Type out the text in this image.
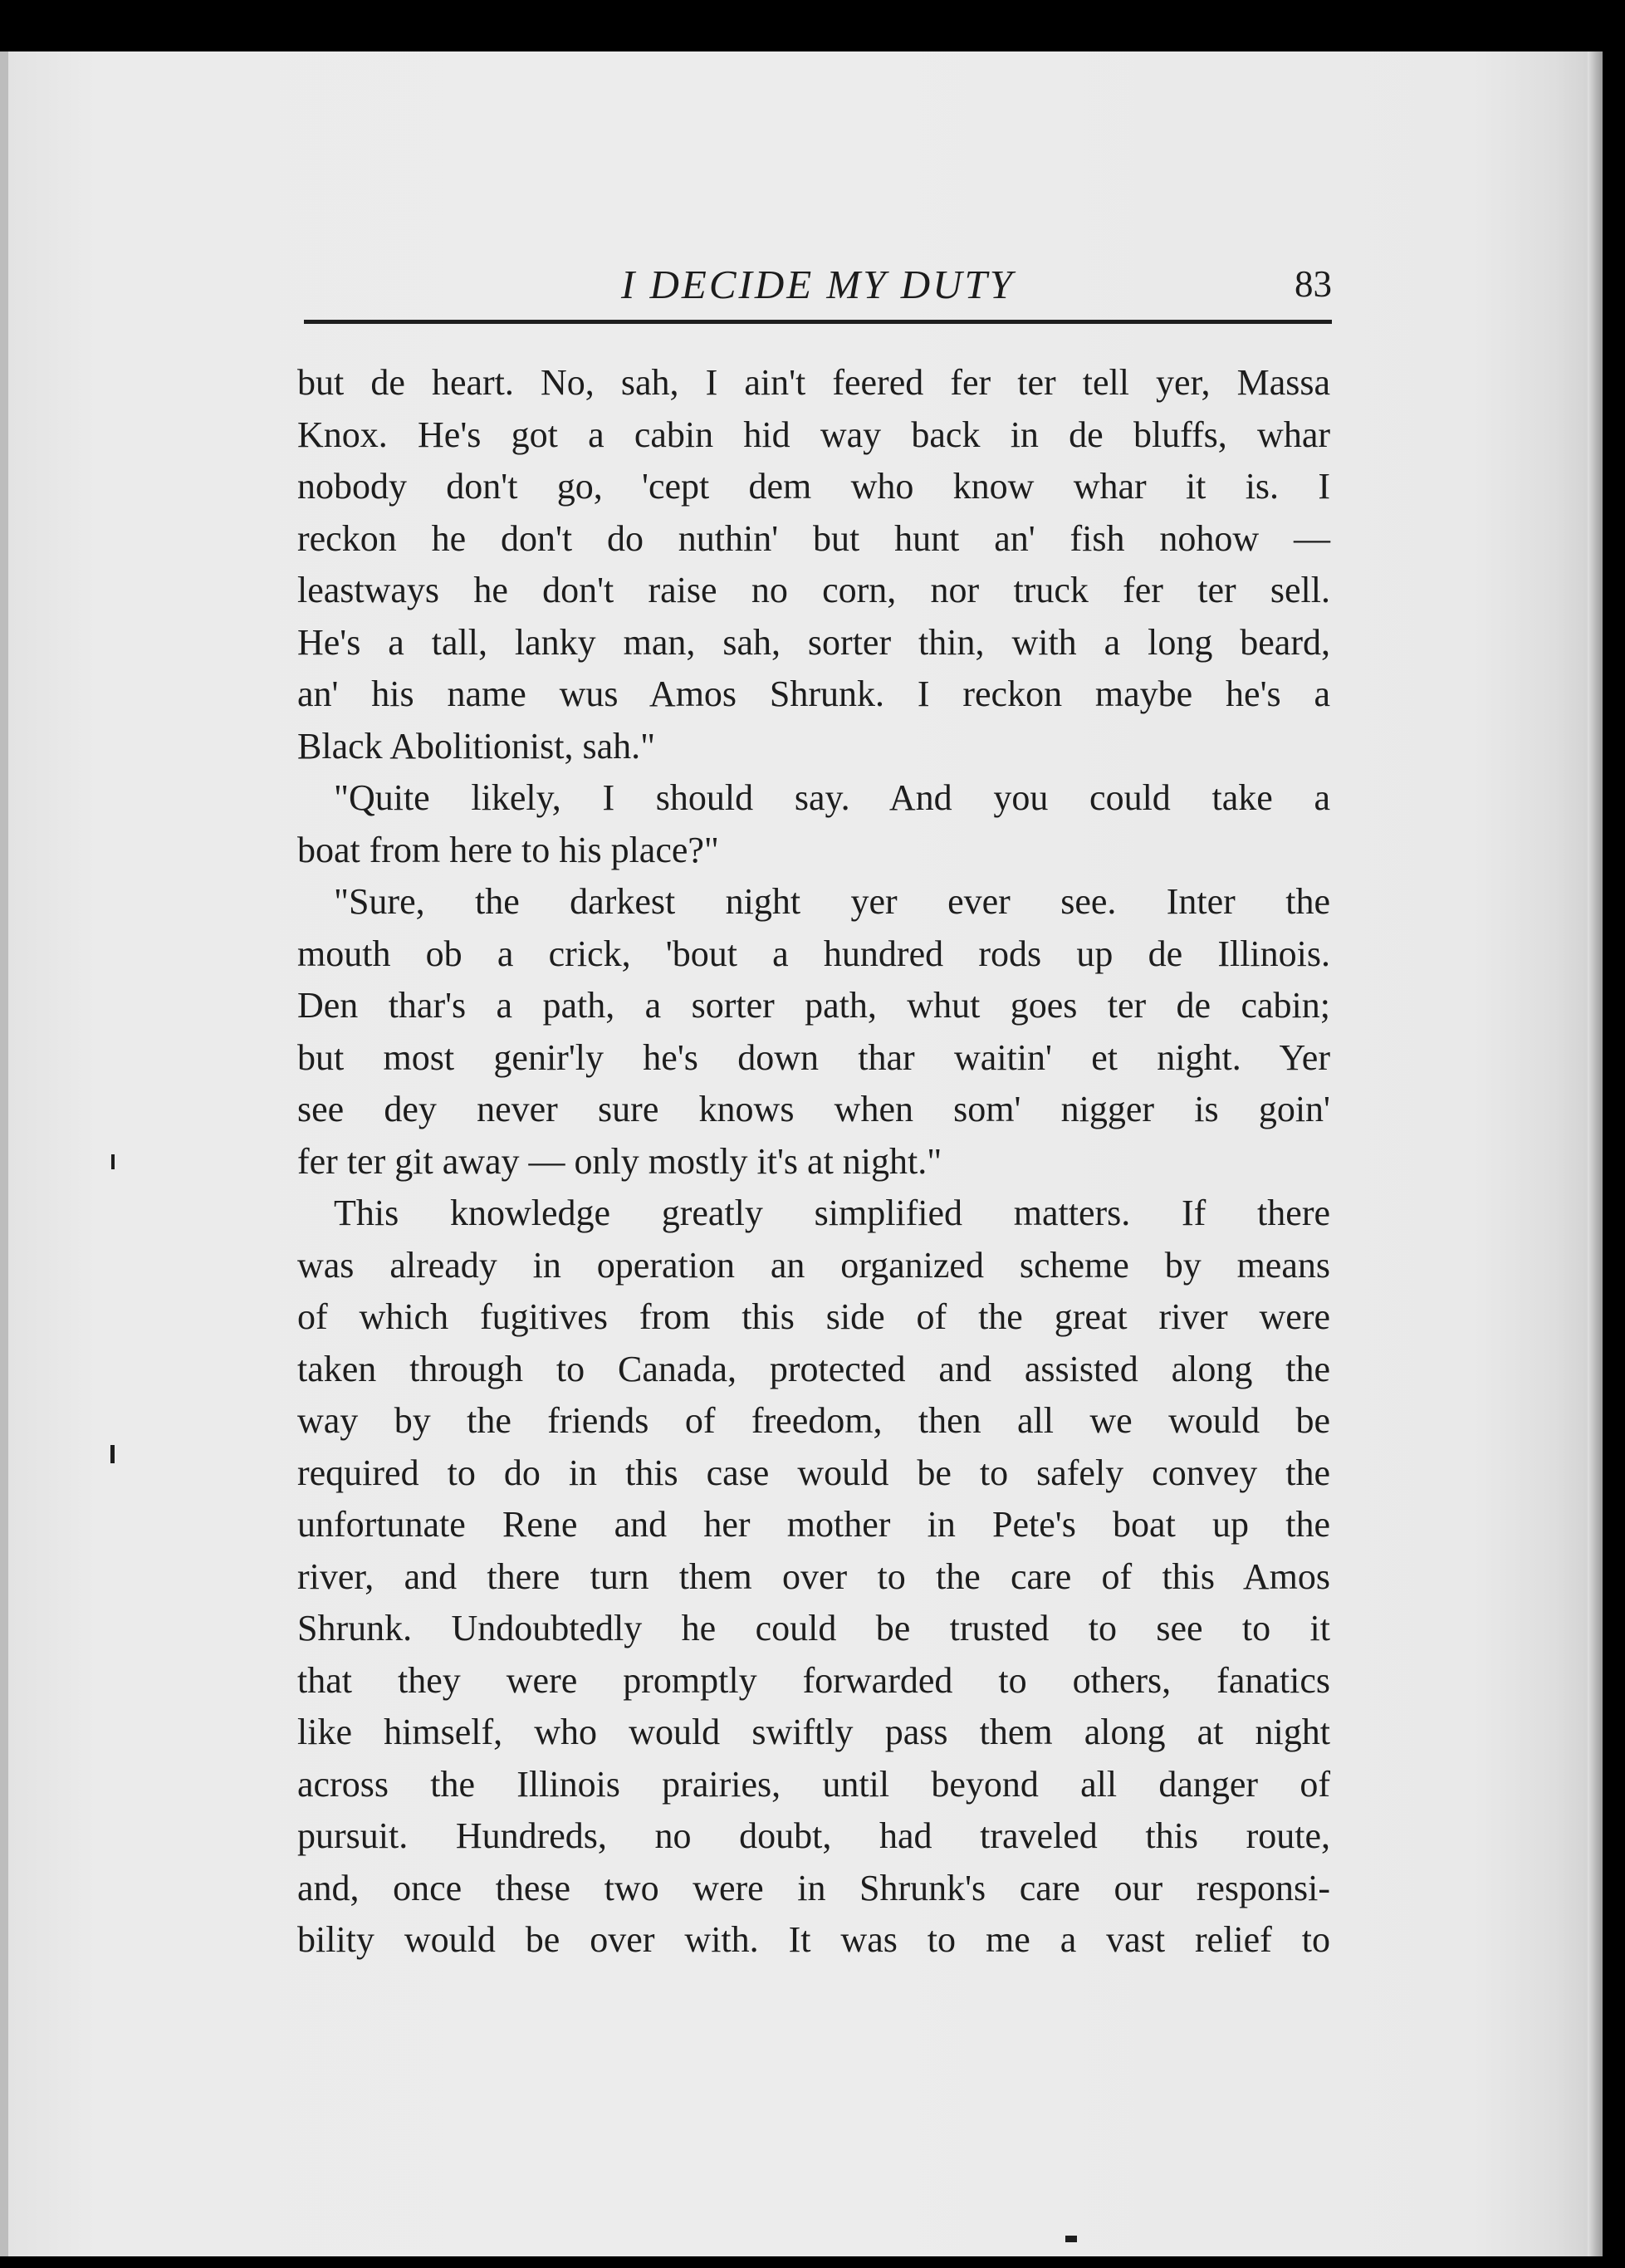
I DECIDE MY DUTY	83
but de heart. No, sah, I ain't feered fer ter tell yer, Massa
Knox. He's got a cabin hid way back in de bluffs, whar
nobody don't go, 'cept dem who know whar it is. I
reckon he don't do nuthin' but hunt an' fish nohow —
leastways he don't raise no corn, nor truck fer ter sell.
He's a tall, lanky man, sah, sorter thin, with a long beard,
an' his name wus Amos Shrunk. I reckon maybe he's a
Black Abolitionist, sah."
"Quite likely, I should say. And you could take a
boat from here to his place?"
"Sure, the darkest night yer ever see. Inter the
mouth ob a crick, 'bout a hundred rods up de Illinois.
Den thar's a path, a sorter path, whut goes ter de cabin;
but most genir'ly he's down thar waitin' et night. Yer
see dey never sure knows when som' nigger is goin'
fer ter git away — only mostly it's at night."
This knowledge greatly simplified matters. If there
was already in operation an organized scheme by means
of which fugitives from this side of the great river were
taken through to Canada, protected and assisted along the
way by the friends of freedom, then all we would be
required to do in this case would be to safely convey the
unfortunate Rene and her mother in Pete's boat up the
river, and there turn them over to the care of this Amos
Shrunk. Undoubtedly he could be trusted to see to it
that they were promptly forwarded to others, fanatics
like himself, who would swiftly pass them along at night
across the Illinois prairies, until beyond all danger of
pursuit. Hundreds, no doubt, had traveled this route,
and, once these two were in Shrunk's care our responsi-
bility would be over with. It was to me a vast relief to
